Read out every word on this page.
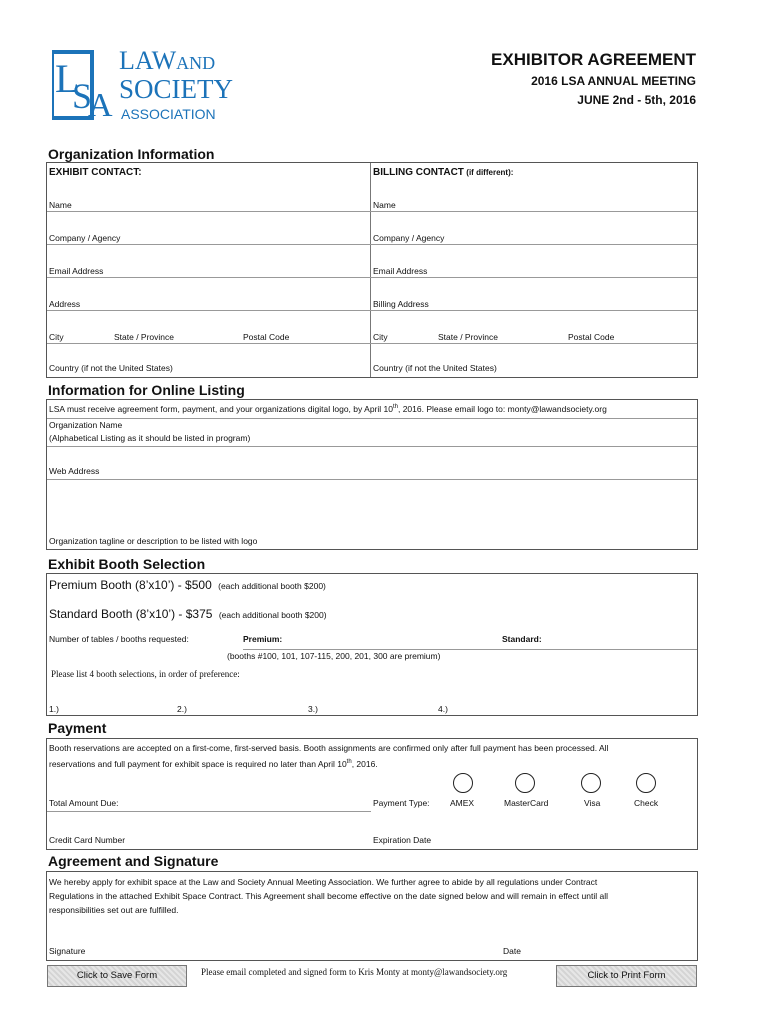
L
S
A
LAWAND
SOCIETY
ASSOCIATION
EXHIBITOR AGREEMENT
2016 LSA ANNUAL MEETING
JUNE 2nd - 5th, 2016
Organization Information
EXHIBIT CONTACT:	BILLING CONTACT (if different):
Name	Name
Company / Agency	Company / Agency
Email Address	Email Address
Address	Billing Address
City	State / Province	Postal Code	City	State / Province	Postal Code
Country (if not the United States)	Country (if not the United States)
Information for Online Listing
LSA must receive agreement form, payment, and your organizations digital logo, by April 10th, 2016. Please email logo to: monty@lawandsociety.org
Organization Name
(Alphabetical Listing as it should be listed in program)
Web Address
Organization tagline or description to be listed with logo
Exhibit Booth Selection
Premium Booth (8’x10’) - $500 (each additional booth $200)
Standard Booth (8’x10’) - $375 (each additional booth $200)
Number of tables / booths requested:	Premium:	Standard:
(booths #100, 101, 107-115, 200, 201, 300 are premium)
Please list 4 booth selections, in order of preference:
1.)	2.)	3.)	4.)
Payment
Booth reservations are accepted on a first-come, first-served basis. Booth assignments are confirmed only after full payment has been processed. All
reservations and full payment for exhibit space is required no later than April 10th, 2016.
Total Amount Due:	Payment Type: AMEX	MasterCard	Visa	Check
Credit Card Number	Expiration Date
Agreement and Signature
We hereby apply for exhibit space at the Law and Society Annual Meeting Association. We further agree to abide by all regulations under Contract
Regulations in the attached Exhibit Space Contract. This Agreement shall become effective on the date signed below and will remain in effect until all
responsibilities set out are fulfilled.
Signature	Date
Click to Save Form	Please email completed and signed form to Kris Monty at monty@lawandsociety.org	Click to Print Form
